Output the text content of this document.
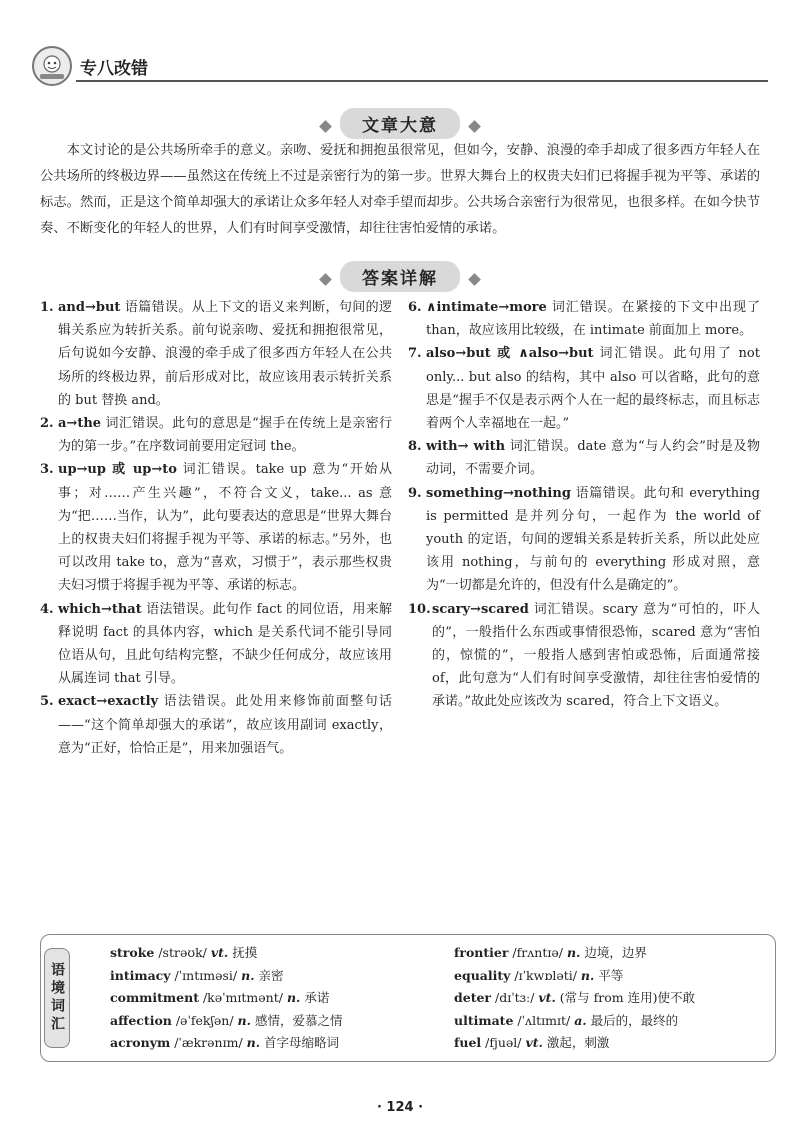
专八改错
文章大意

本文讨论的是公共场所牵手的意义。亲吻、爱抚和拥抱虽很常见，但如今，安静、浪漫的牵手却成了很多西方年轻人在公共场所的终极边界——虽然这在传统上不过是亲密行为的第一步。世界大舞台上的权贵夫妇们已将握手视为平等、承诺的标志。然而，正是这个简单却强大的承诺让众多年轻人对牵手望而却步。公共场合亲密行为很常见，也很多样。在如今快节奏、不断变化的年轻人的世界，人们有时间享受激情，却往往害怕爱情的承诺。

答案详解
1. and→but 语篇错误。从上下文的语义来判断，句间的逻辑关系应为转折关系。前句说亲吻、爱抚和拥抱很常见，后句说如今安静、浪漫的牵手成了很多西方年轻人在公共场所的终极边界，前后形成对比，故应该用表示转折关系的 but 替换 and。
2. a→the 词汇错误。此句的意思是“握手在传统上是亲密行为的第一步。”在序数词前要用定冠词 the。
3. up→up 或 up→to 词汇错误。take up 意为“开始从事；对……产生兴趣”，不符合文义，take... as 意为“把……当作，认为”，此句要表达的意思是“世界大舞台上的权贵夫妇们将握手视为平等、承诺的标志。”另外，也可以改用 take to，意为“喜欢，习惯于”，表示那些权贵夫妇习惯于将握手视为平等、承诺的标志。
4. which→that 语法错误。此句作 fact 的同位语，用来解释说明 fact 的具体内容，which 是关系代词不能引导同位语从句，且此句结构完整，不缺少任何成分，故应该用从属连词 that 引导。
5. exact→exactly 语法错误。此处用来修饰前面整句话——“这个简单却强大的承诺”，故应该用副词 exactly，意为“正好，恰恰正是”，用来加强语气。
6. ∧intimate→more 词汇错误。在紧接的下文中出现了 than，故应该用比较级，在 intimate 前面加上 more。
7. also→but 或 ∧also→but 词汇错误。此句用了 not only... but also 的结构，其中 also 可以省略，此句的意思是“握手不仅是表示两个人在一起的最终标志，而且标志着两个人幸福地在一起。”
8. with→ with 词汇错误。date 意为“与人约会”时是及物动词，不需要介词。
9. something→nothing 语篇错误。此句和 everything is permitted 是并列分句，一起作为 the world of youth 的定语，句间的逻辑关系是转折关系，所以此处应该用 nothing，与前句的 everything 形成对照，意为“一切都是允许的，但没有什么是确定的”。
10. scary→scared 词汇错误。scary 意为“可怕的，吓人的”，一般指什么东西或事情很恐怖，scared 意为“害怕的，惊慌的”，一般指人感到害怕或恐怖，后面通常接 of，此句意为“人们有时间享受激情，却往往害怕爱情的承诺。”故此处应该改为 scared，符合上下文语义。
语境词汇
stroke /strəʊk/ vt. 抚摸
intimacy /ˈɪntɪməsi/ n. 亲密
commitment /kəˈmɪtmənt/ n. 承诺
affection /əˈfekʃən/ n. 感情，爱慕之情
acronym /ˈækrənɪm/ n. 首字母缩略词
frontier /frʌntɪə/ n. 边境，边界
equality /ɪˈkwɒləti/ n. 平等
deter /dɪˈtɜː/ vt. (常与 from 连用)使不敢
ultimate /ˈʌltɪmɪt/ a. 最后的，最终的
fuel /fjuəl/ vt. 激起，刺激
· 124 ·
